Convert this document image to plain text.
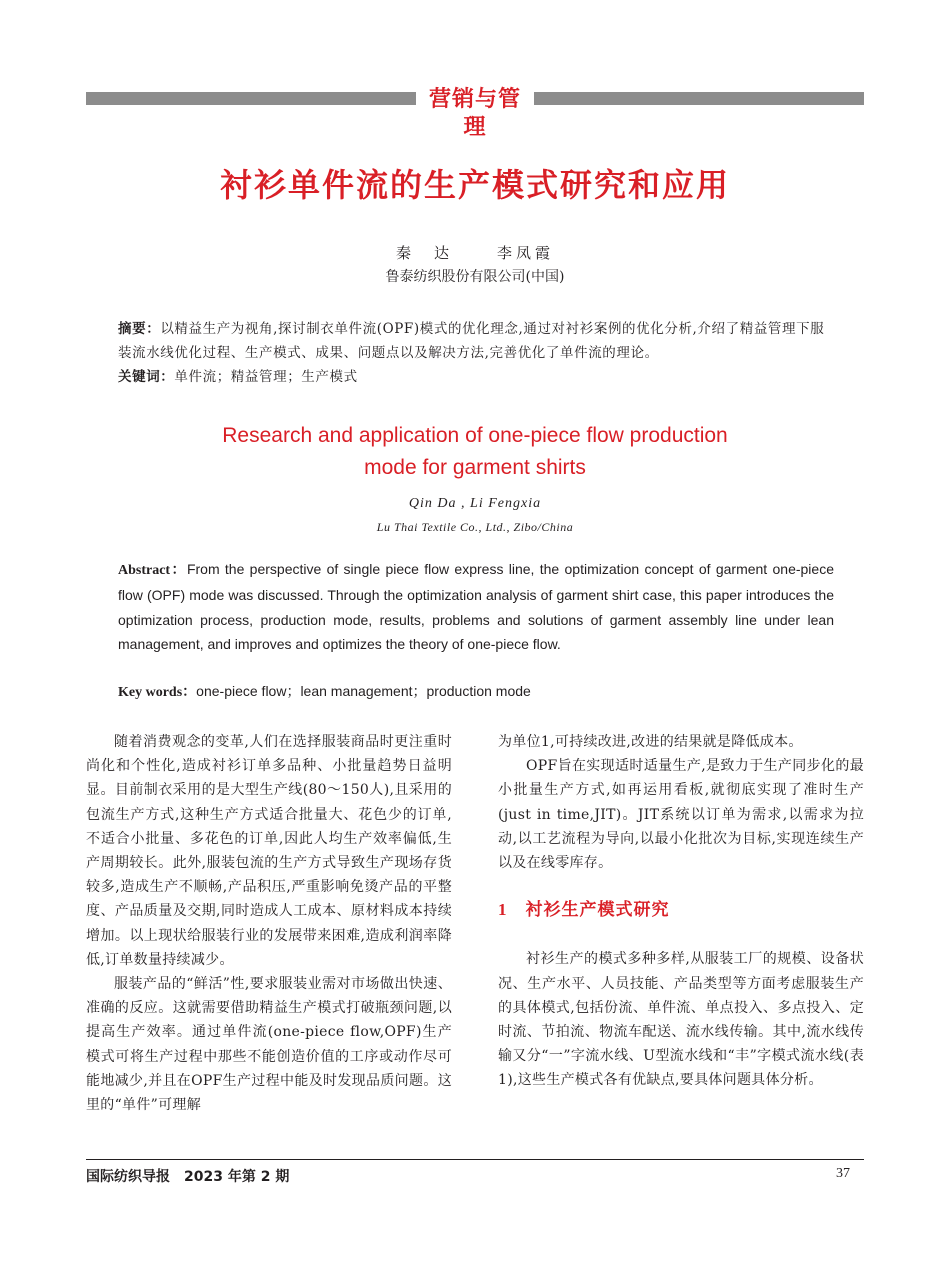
营销与管理
衬衫单件流的生产模式研究和应用
秦　达	李凤霞
鲁泰纺织股份有限公司(中国)
摘要：以精益生产为视角,探讨制衣单件流(OPF)模式的优化理念,通过对衬衫案例的优化分析,介绍了精益管理下服装流水线优化过程、生产模式、成果、问题点以及解决方法,完善优化了单件流的理论。
关键词：单件流；精益管理；生产模式
Research and application of one-piece flow production
mode for garment shirts
Qin Da , Li Fengxia
Lu Thai Textile Co., Ltd., Zibo/China
Abstract：From the perspective of single piece flow express line, the optimization concept of garment one-piece flow (OPF) mode was discussed. Through the optimization analysis of garment shirt case, this paper introduces the optimization process, production mode, results, problems and solutions of garment assembly line under lean management, and improves and optimizes the theory of one-piece flow.
Key words：one-piece flow；lean management；production mode

随着消费观念的变革,人们在选择服装商品时更注重时尚化和个性化,造成衬衫订单多品种、小批量趋势日益明显。目前制衣采用的是大型生产线(80～150人),且采用的包流生产方式,这种生产方式适合批量大、花色少的订单,不适合小批量、多花色的订单,因此人均生产效率偏低,生产周期较长。此外,服装包流的生产方式导致生产现场存货较多,造成生产不顺畅,产品积压,严重影响免烫产品的平整度、产品质量及交期,同时造成人工成本、原材料成本持续增加。以上现状给服装行业的发展带来困难,造成利润率降低,订单数量持续减少。

服装产品的“鲜活”性,要求服装业需对市场做出快速、准确的反应。这就需要借助精益生产模式打破瓶颈问题,以提高生产效率。通过单件流(one-piece flow,OPF)生产模式可将生产过程中那些不能创造价值的工序或动作尽可能地减少,并且在OPF生产过程中能及时发现品质问题。这里的“单件”可理解

为单位1,可持续改进,改进的结果就是降低成本。

OPF旨在实现适时适量生产,是致力于生产同步化的最小批量生产方式,如再运用看板,就彻底实现了准时生产(just in time,JIT)。JIT系统以订单为需求,以需求为拉动,以工艺流程为导向,以最小化批次为目标,实现连续生产以及在线零库存。

1 衬衫生产模式研究

衬衫生产的模式多种多样,从服装工厂的规模、设备状况、生产水平、人员技能、产品类型等方面考虑服装生产的具体模式,包括份流、单件流、单点投入、多点投入、定时流、节拍流、物流车配送、流水线传输。其中,流水线传输又分“一”字流水线、U型流水线和“丰”字模式流水线(表1),这些生产模式各有优缺点,要具体问题具体分析。

国际纺织导报　2023 年第 2 期	37
